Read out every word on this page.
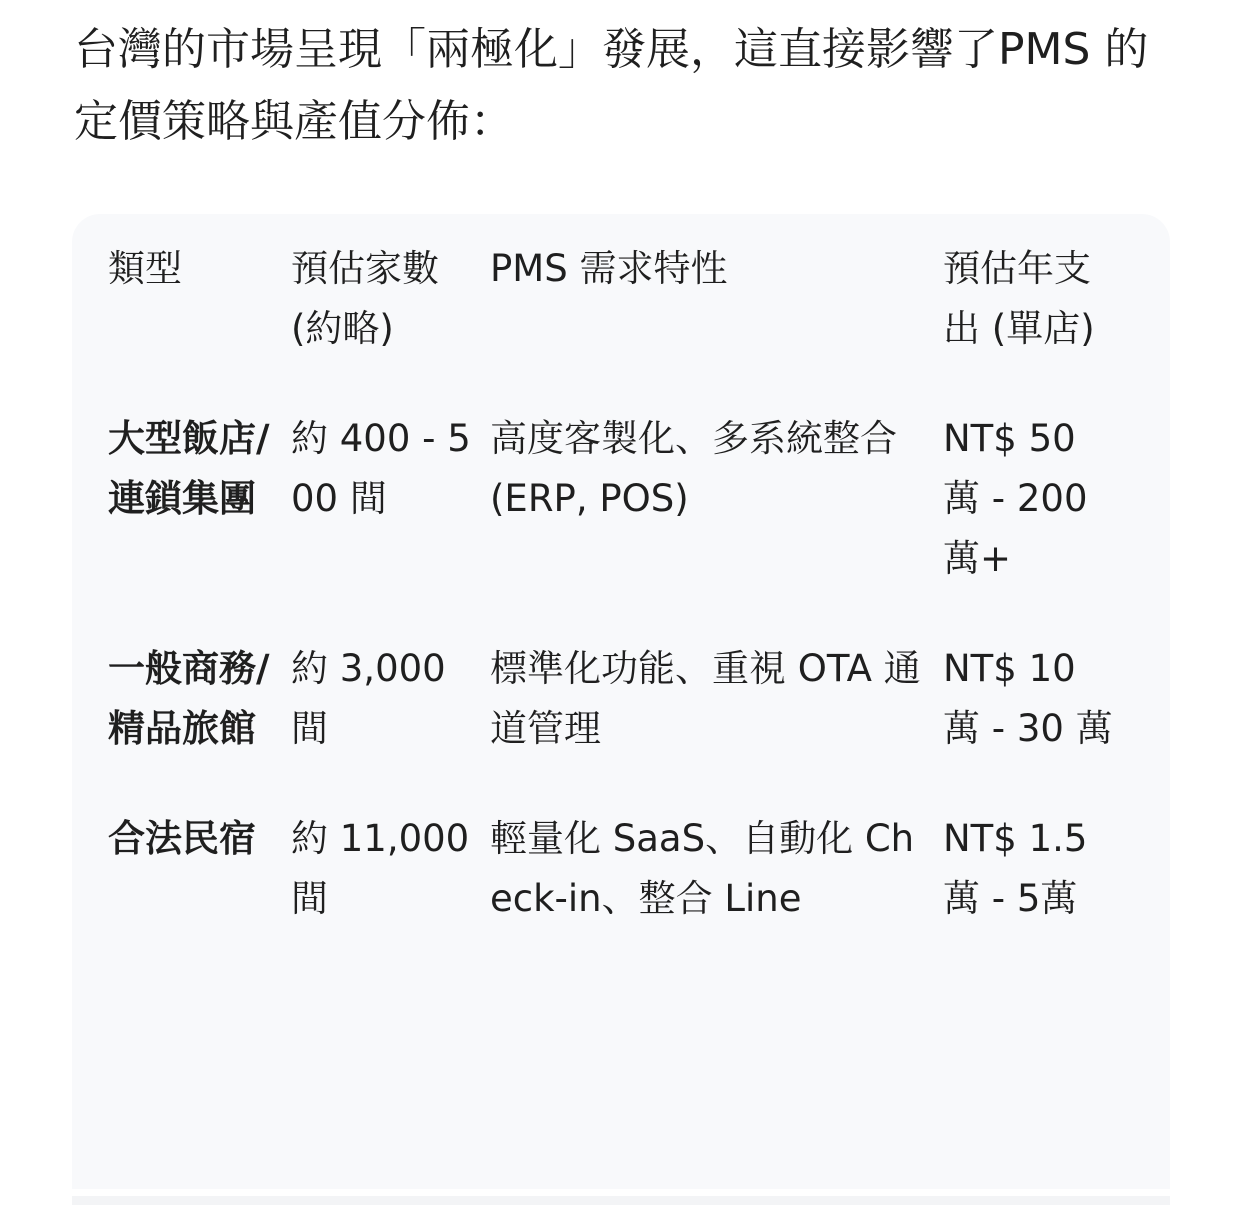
台灣的市場呈現「兩極化」發展，這直接影響了PMS 的定價策略與產值分佈：

類型	預估家數 (約略)	PMS 需求特性	預估年支出 (單店)

大型飯店/連鎖集團	約 400 - 500 間	高度客製化、多系統整合 (ERP, POS)	NT$ 50 萬 - 200萬+

一般商務/精品旅館	約 3,000 間	標準化功能、重視 OTA 通道管理	NT$ 10 萬 - 30 萬

合法民宿	約 11,000 間	輕量化 SaaS、自動化 Check-in、整合 Line	NT$ 1.5 萬 - 5萬
